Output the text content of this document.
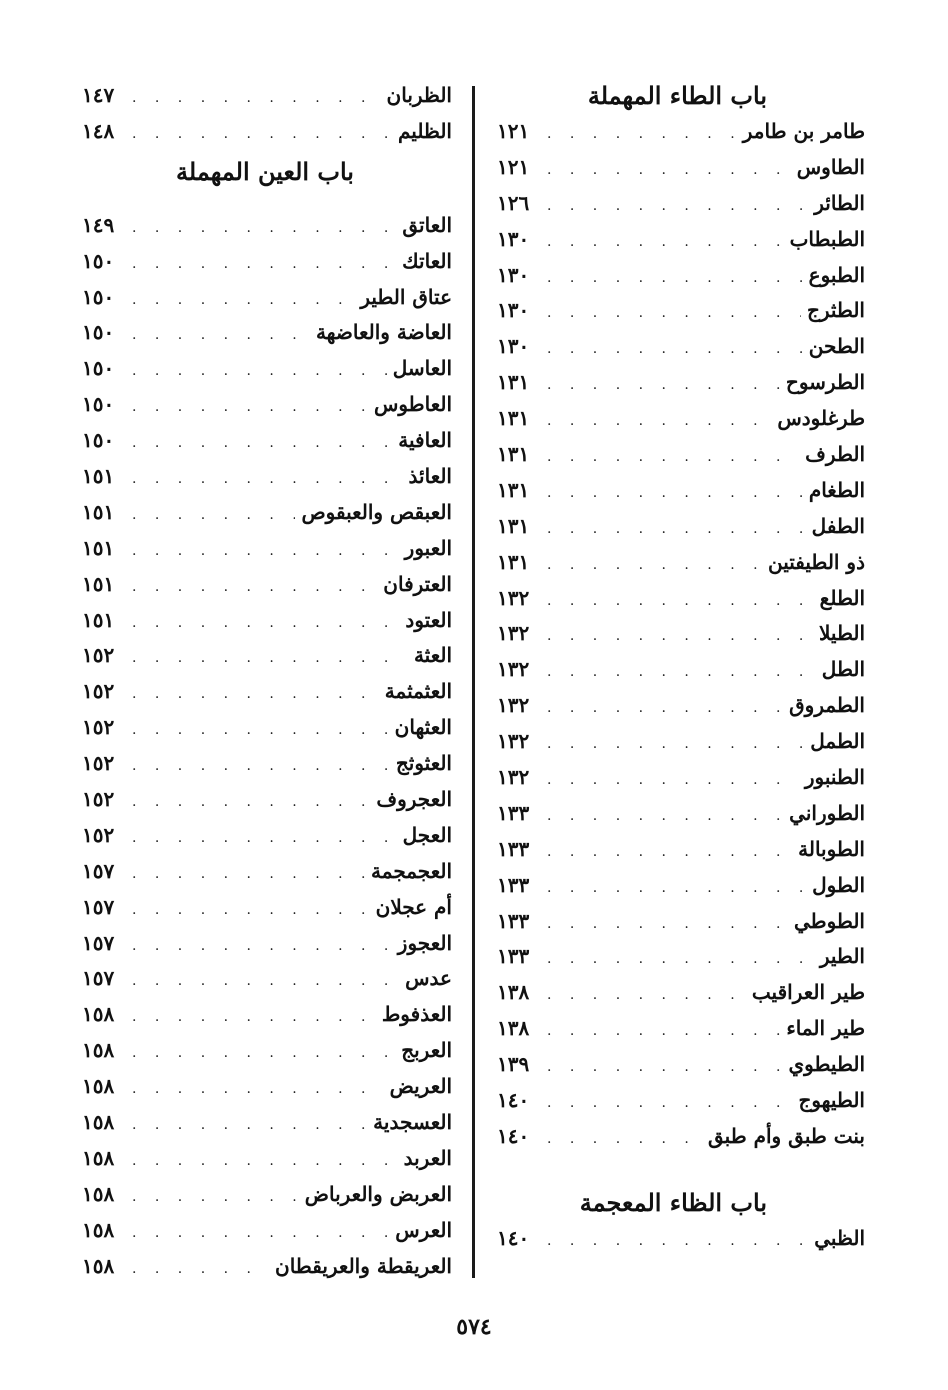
باب الطاء المهملة
طامر بن طامر
. . .
١٢١
الطاوس
. . .
١٢١
الطائر
. . .
١٢٦
الطبطاب
. . .
١٣٠
الطبوع
. . .
١٣٠
الطثرج
. . .
١٣٠
الطحن
. . .
١٣٠
الطرسوح
. . .
١٣١
طرغلودس
. . .
١٣١
الطرف
. . .
١٣١
الطغام
. . .
١٣١
الطفل
. . .
١٣١
ذو الطيفتين
. . .
١٣١
الطلع
. . .
١٣٢
الطيلا
. . .
١٣٢
الطل
. . .
١٣٢
الطمروق
. . .
١٣٢
الطمل
. . .
١٣٢
الطنبور
. . .
١٣٢
الطوراني
. . .
١٣٣
الطوبالة
. . .
١٣٣
الطول
. . .
١٣٣
الطوطي
. . .
١٣٣
الطير
. . .
١٣٣
طير العراقيب
. . .
١٣٨
طير الماء
. . .
١٣٨
الطيطوي
. . .
١٣٩
الطيهوج
. . .
١٤٠
بنت طبق وأم طبق
. . .
١٤٠
باب الظاء المعجمة
الظبي
. . .
١٤٠
الظربان
. . .
١٤٧
الظليم
. . .
١٤٨
باب العين المهملة
العاتق
. . .
١٤٩
العاتك
. . .
١٥٠
عتاق الطير
. . .
١٥٠
العاضة والعاضهة
. . .
١٥٠
العاسل
. . .
١٥٠
العاطوس
. . .
١٥٠
العافية
. . .
١٥٠
العائذ
. . .
١٥١
العبقص والعبقوص
. . .
١٥١
العبور
. . .
١٥١
العترفان
. . .
١٥١
العتود
. . .
١٥١
العثة
. . .
١٥٢
العثمثمة
. . .
١٥٢
العثهان
. . .
١٥٢
العثوثج
. . .
١٥٢
العجروف
. . .
١٥٢
العجل
. . .
١٥٢
العجمجمة
. . .
١٥٧
أم عجلان
. . .
١٥٧
العجوز
. . .
١٥٧
عدس
. . .
١٥٧
العذفوط
. . .
١٥٨
العربج
. . .
١٥٨
العريض
. . .
١٥٨
العسجدية
. . .
١٥٨
العربد
. . .
١٥٨
العربض والعرباض
. . .
١٥٨
العرس
. . .
١٥٨
العريقطة والعريقطان
. . .
١٥٨
٥٧٤
